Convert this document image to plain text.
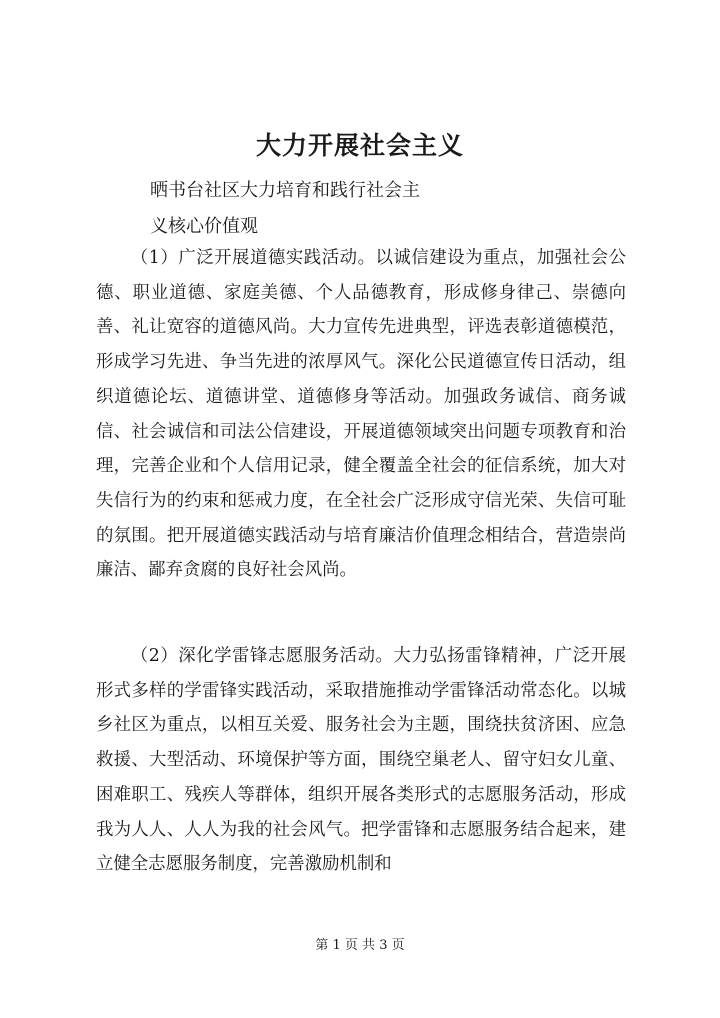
大力开展社会主义
晒书台社区大力培育和践行社会主
义核心价值观

（1）广泛开展道德实践活动。以诚信建设为重点，加强社会公德、职业道德、家庭美德、个人品德教育，形成修身律己、崇德向善、礼让宽容的道德风尚。大力宣传先进典型，评选表彰道德模范，形成学习先进、争当先进的浓厚风气。深化公民道德宣传日活动，组织道德论坛、道德讲堂、道德修身等活动。加强政务诚信、商务诚信、社会诚信和司法公信建设，开展道德领域突出问题专项教育和治理，完善企业和个人信用记录，健全覆盖全社会的征信系统，加大对失信行为的约束和惩戒力度，在全社会广泛形成守信光荣、失信可耻的氛围。把开展道德实践活动与培育廉洁价值理念相结合，营造崇尚廉洁、鄙弃贪腐的良好社会风尚。

（2）深化学雷锋志愿服务活动。大力弘扬雷锋精神，广泛开展形式多样的学雷锋实践活动，采取措施推动学雷锋活动常态化。以城乡社区为重点，以相互关爱、服务社会为主题，围绕扶贫济困、应急救援、大型活动、环境保护等方面，围绕空巢老人、留守妇女儿童、困难职工、残疾人等群体，组织开展各类形式的志愿服务活动，形成我为人人、人人为我的社会风气。把学雷锋和志愿服务结合起来，建立健全志愿服务制度，完善激励机制和

第 1 页 共 3 页
